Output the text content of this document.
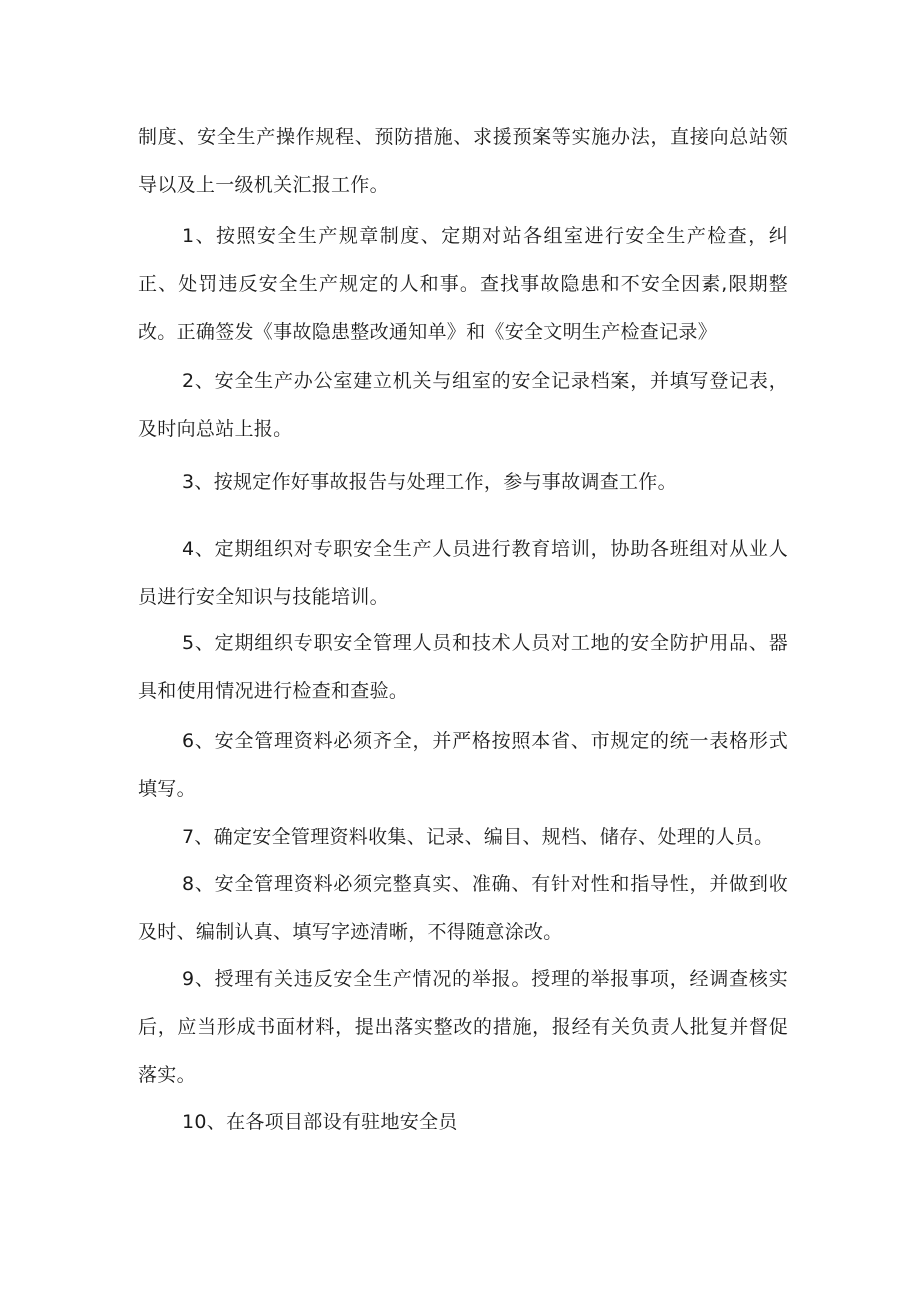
制度、安全生产操作规程、预防措施、求援预案等实施办法，直接向总站领导以及上一级机关汇报工作。

1、按照安全生产规章制度、定期对站各组室进行安全生产检查，纠正、处罚违反安全生产规定的人和事。查找事故隐患和不安全因素,限期整改。正确签发《事故隐患整改通知单》和《安全文明生产检查记录》

2、安全生产办公室建立机关与组室的安全记录档案，并填写登记表，及时向总站上报。

3、按规定作好事故报告与处理工作，参与事故调查工作。

4、定期组织对专职安全生产人员进行教育培训，协助各班组对从业人员进行安全知识与技能培训。

5、定期组织专职安全管理人员和技术人员对工地的安全防护用品、器具和使用情况进行检查和查验。

6、安全管理资料必须齐全，并严格按照本省、市规定的统一表格形式填写。

7、确定安全管理资料收集、记录、编目、规档、储存、处理的人员。

8、安全管理资料必须完整真实、准确、有针对性和指导性，并做到收及时、编制认真、填写字迹清晰，不得随意涂改。

9、授理有关违反安全生产情况的举报。授理的举报事项，经调查核实后，应当形成书面材料，提出落实整改的措施，报经有关负责人批复并督促落实。

10、在各项目部设有驻地安全员
